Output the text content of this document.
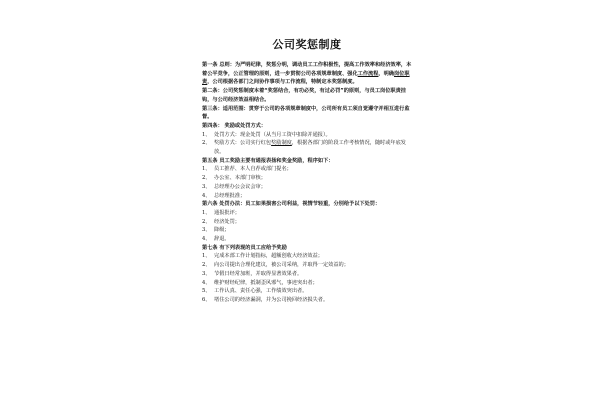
公司奖惩制度

第一条 总则：为严明纪律，奖惩分明，调动员工工作积极性，提高工作效率和经济效率，本着公平竞争，公正管理的原则，进一步贯彻公司各项规章制度、强化工作流程，明确岗位职责，公司根据各部门之间协作事项与工作流程，特制定本奖惩制度。

第二条：公司奖惩制度本着“奖惩结合，有功必奖，有过必罚”的原则，与员工岗位职责挂钩，与公司经济效益相结合。

第三条：适用范围：贯穿于公司的各项规章制度中，公司所有员工须自觉遵守并相互进行监督。

第四条： 奖励或处罚方式：

1、 处罚方式：现金处罚（从当月工资中扣除并通报）。
2、 奖励方式：公司实行红包奖励制度，根据各部门的阶段工作考核情况，随时或年底发放。

第五条 员工奖励主要有通报表扬和奖金奖励，程序如下：

1、 员工推荐、本人自荐或部门提名；
2、 办公室、本部门审核；
3、 总经理办公会议会审；
4、 总经理批准；

第六条 处罚办法：员工如果损害公司利益，视情节轻重，分别给予以下处罚：

1、 通报批评；
2、 经济处罚；
3、 降级；
4、 辞退。

第七条 有下列表现的员工应给予奖励

1、 完成本部工作计划指标，超额创收大经济效益；
2、 向公司提出合理化建议，被公司采纳，并取得一定效益的；
3、 节假日经常加班，并取得显著效果者。
4、 维护财经纪律，抵制歪风邪气，事迹突出者；
5、 工作认真、责任心强，工作绩效突出者。
6、 堵住公司的经济漏洞，并为公司挽回经济损失者。
